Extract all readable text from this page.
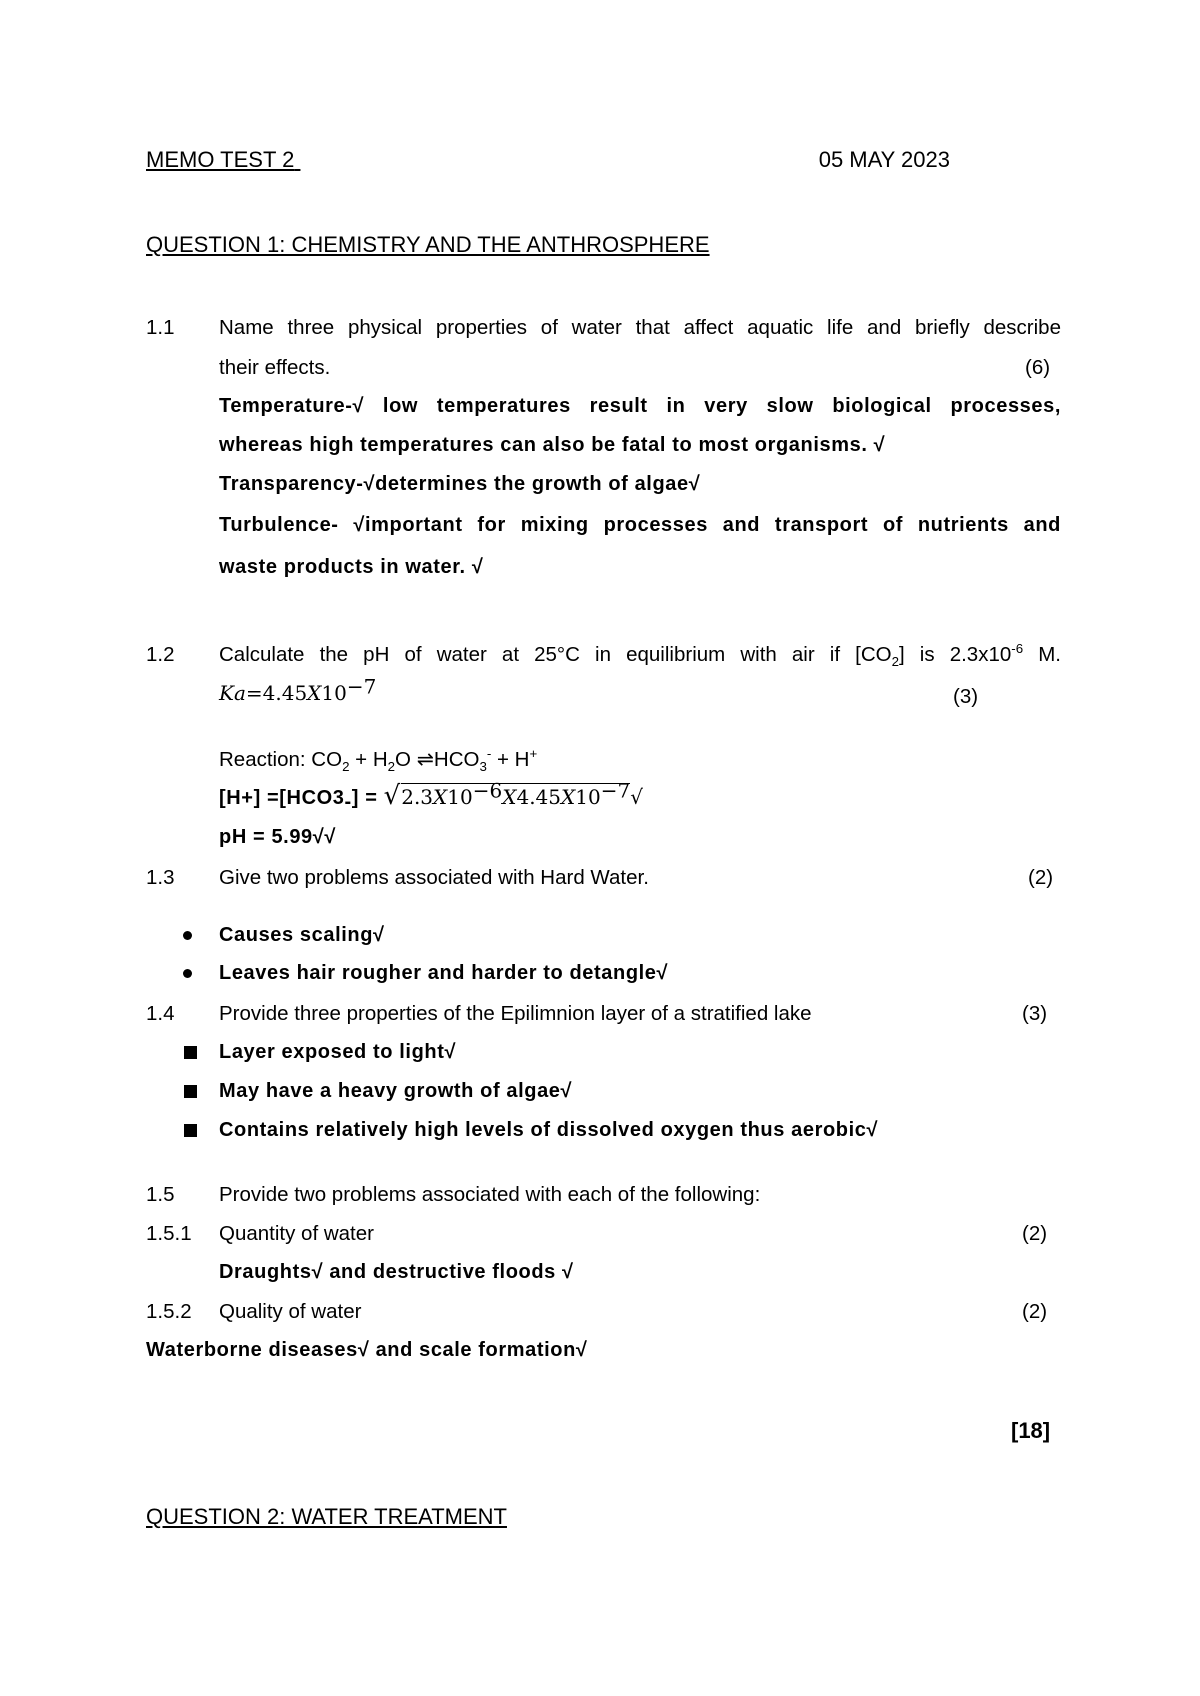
MEMO TEST 2	05 MAY 2023

QUESTION 1: CHEMISTRY AND THE ANTHROSPHERE
1.1 Name three physical properties of water that affect aquatic life and briefly describe
their effects.	(6)
Temperature-√ low temperatures result in very slow biological processes,
whereas high temperatures can also be fatal to most organisms. √
Transparency-√determines the growth of algae√
Turbulence- √important for mixing processes and transport of nutrients and
waste products in water. √
1.2 Calculate the pH of water at 25°C in equilibrium with air if $[CO_2]$ is $2.3x10^{-6}$ M.
$Ka=4.45X10^{-7}$	(3)
Reaction: $CO_2 + H_2O$ $\rightleftharpoons HCO_3^- + H^+$
$[H+] =[HCO3_-]$ = √ $2.3X10^{-6}X4.45X10^{-7}$ √
pH = 5.99√√
1.3 Give two problems associated with Hard Water.	(2)
Causes scaling√
Leaves hair rougher and harder to detangle√
1.4 Provide three properties of the Epilimnion layer of a stratified lake	(3)
Layer exposed to light√
May have a heavy growth of algae√
Contains relatively high levels of dissolved oxygen thus aerobic√
1.5 Provide two problems associated with each of the following:
1.5.1 Quantity of water	(2)
Draughts√ and destructive floods √
1.5.2 Quality of water	(2)
Waterborne diseases√ and scale formation√
[18]
QUESTION 2: WATER TREATMENT
